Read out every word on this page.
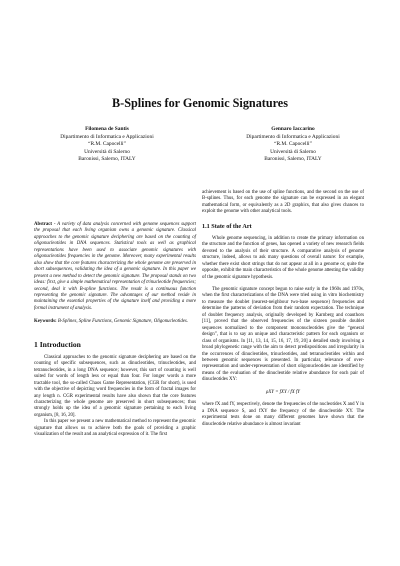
B-Splines for Genomic Signatures
Filomena de Santis
Dipartimento di Informatica e Applicazioni
“R.M. Capocelli”
Università di Salerno
Baronissi, Salerno, ITALY
Gennaro Iaccarino
Dipartimento di Informatica e Applicazioni
“R.M. Capocelli”
Università di Salerno
Baronissi, Salerno, ITALY
Abstract - A variety of data analysis concerned with genome sequences support the proposal that each living organism owns a genomic signature. Classical approaches to the genomic signature deciphering are based on the counting of oligonucleotides in DNA sequences. Statistical tools as well as graphical representations have been used to associate genomic signatures with oligonucleotides frequencies in the genome. Moreover, many experimental results also show that the core features characterizing the whole genome are preserved in short subsequences, validating the idea of a genomic signature. In this paper we present a new method to detect the genomic signature. The proposal stands on two ideas: first, give a simple mathematical representation of trinucleotide frequencies; second, deal it with B-spline functions. The result is a continuous function representing the genomic signature. The advantages of our method reside in maintaining the essential properties of the signature itself and providing a more formal instrument of analysis.
Keywords: B-Splines, Spline Functions, Genomic Signature, Oligonucleotides.
1 Introduction

Classical approaches to the genomic signature deciphering are based on the counting of specific subsequences, such as dinucleotides, trinucleotides, and tetranucleotides, in a long DNA sequence; however, this sort of counting is well suited for words of length less or equal than four. For longer words a more tractable tool, the so-called Chaos Game Representation, (CGR for short), is used with the objective of depicting word frequencies in the form of fractal images for any length n. CGR experimental results have also shown that the core features characterizing the whole genome are preserved in short subsequences; thus strongly holds up the idea of a genomic signature pertaining to each living organism, [8, 16, 20].

In this paper we present a new mathematical method to represent the genomic signature that allows us to achieve both the goals of providing a graphic visualization of the result and an analytical expression of it. The first

achievement is based on the use of spline functions, and the second on the use of B-splines. Thus, for each genome the signature can be expressed in an elegant mathematical form, or equivalently as a 2D graphics, that also gives chances to exploit the genome with other analytical tools.

1.1 State of the Art

Whole genome sequencing, in addition to create the primary information on the structure and the function of genes, has opened a variety of new research fields devoted to the analysis of their structure. A comparative analysis of genome structure, indeed, allows to ask many questions of overall nature: for example, whether there exist short strings that do not appear at all in a genome or, quite the opposite, exhibit the main characteristics of the whole genome attesting the validity of the genomic signature hypothesis.

The genomic signature concept begun to raise early in the 1960s and 1970s, when the first characterizations of the DNA were tried using in vitro biochemistry to measure the doublet (nearest-neighbour two-base sequence) frequencies and determine the patterns of deviation from their random expectation. The technique of doublet frequency analysis, originally developed by Karnberg and coauthors [11], proved that the observed frequencies of the sixteen possible doublet sequences normalized to the component mononucleotides give the “general design”, that is to say an unique and characteristic pattern for each organism or class of organisms. In [11, 13, 14, 15, 16, 17, 19, 20] a detailed study involving a broad phylogenetic range with the aim to detect predispositions and irregularity in the occurrences of dinucleotides, trinucleotides, and tetranucleotides within and between genomic sequences is presented. In particular, relevance of over-representation and under-representation of short oligonucleotides are identified by means of the evaluation of the dinucleotide relative abundance for each pair of dinucleotides XY:

ρXY = fXY / fX fY

where fX and fY, respectively, denote the frequencies of the nucleotides X and Y in a DNA sequence S, and fXY the frequency of the dinucleotide XY. The experimental tests done on many different genomes have shown that the dinucleotide relative abundance is almost invariant
